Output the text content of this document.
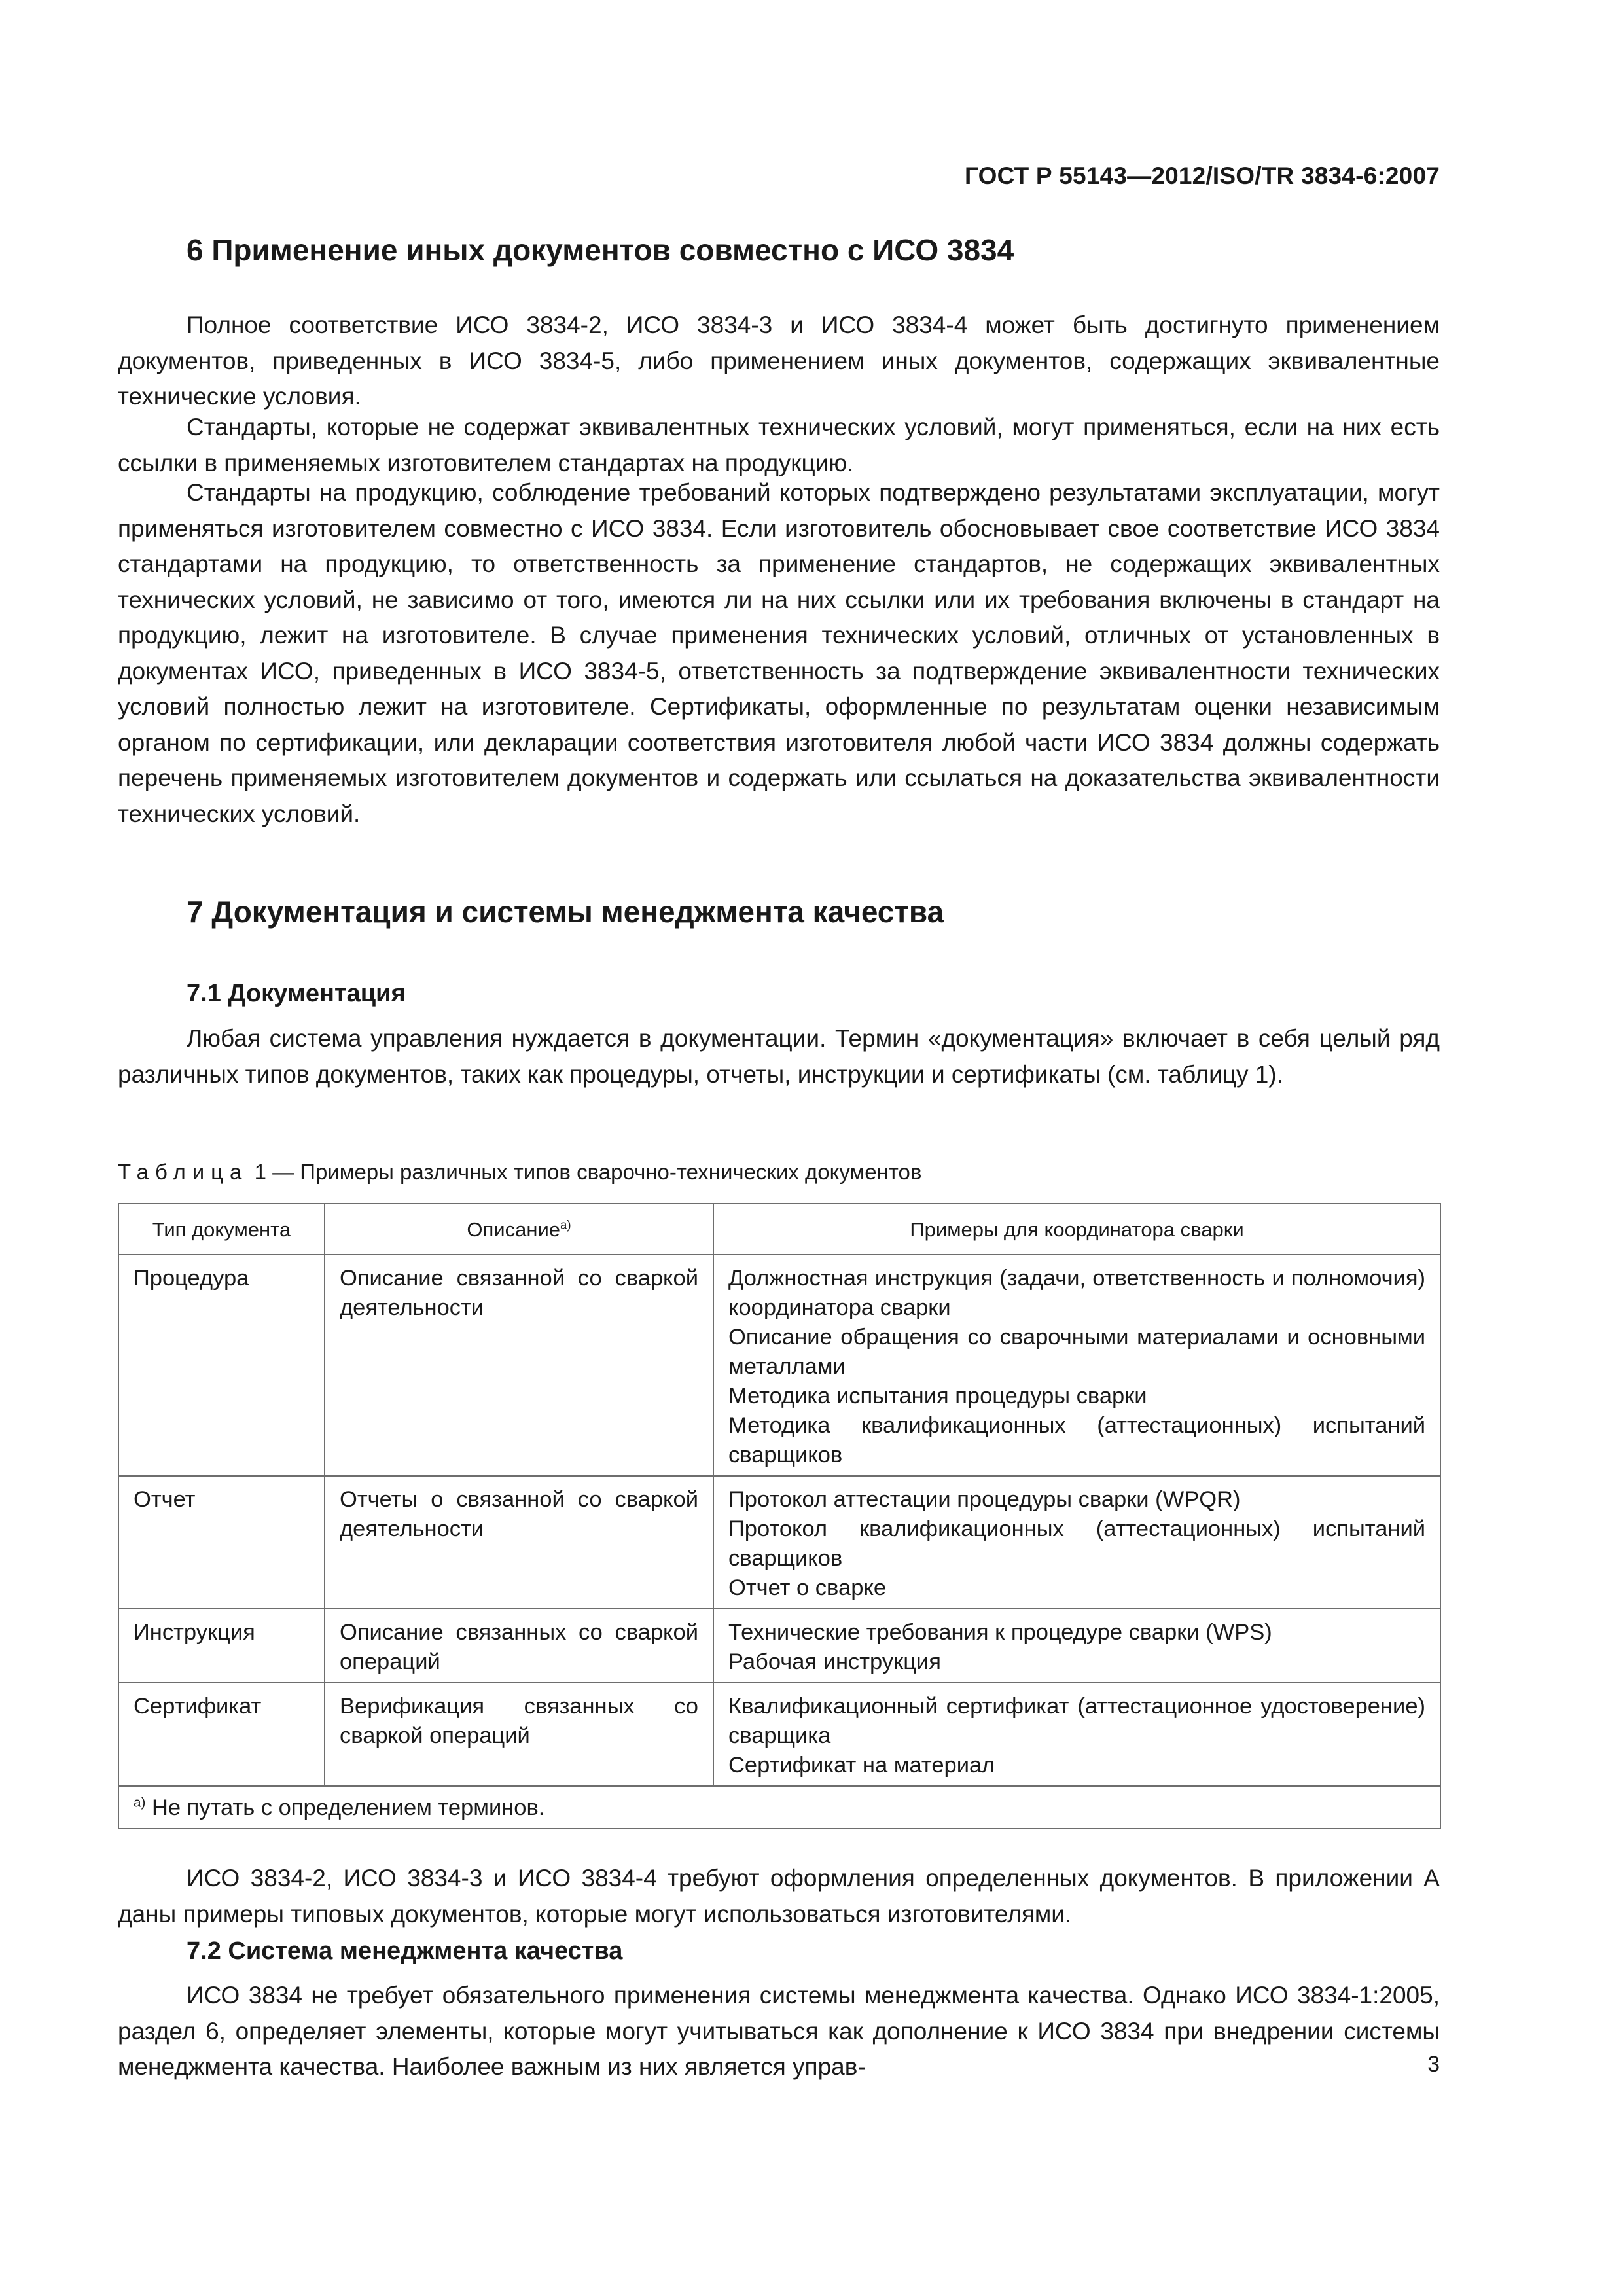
ГОСТ Р 55143—2012/ISO/TR 3834-6:2007
6 Применение иных документов совместно с ИСО 3834

Полное соответствие ИСО 3834-2, ИСО 3834-3 и ИСО 3834-4 может быть достигнуто применением документов, приведенных в ИСО 3834-5, либо применением иных документов, содержащих эквивалентные технические условия.

Стандарты, которые не содержат эквивалентных технических условий, могут применяться, если на них есть ссылки в применяемых изготовителем стандартах на продукцию.

Стандарты на продукцию, соблюдение требований которых подтверждено результатами эксплуатации, могут применяться изготовителем совместно с ИСО 3834. Если изготовитель обосновывает свое соответствие ИСО 3834 стандартами на продукцию, то ответственность за применение стандартов, не содержащих эквивалентных технических условий, не зависимо от того, имеются ли на них ссылки или их требования включены в стандарт на продукцию, лежит на изготовителе. В случае применения технических условий, отличных от установленных в документах ИСО, приведенных в ИСО 3834-5, ответственность за подтверждение эквивалентности технических условий полностью лежит на изготовителе. Сертификаты, оформленные по результатам оценки независимым органом по сертификации, или декларации соответствия изготовителя любой части ИСО 3834 должны содержать перечень применяемых изготовителем документов и содержать или ссылаться на доказательства эквивалентности технических условий.

7 Документация и системы менеджмента качества
7.1 Документация

Любая система управления нуждается в документации. Термин «документация» включает в себя целый ряд различных типов документов, таких как процедуры, отчеты, инструкции и сертификаты (см. таблицу 1).

Таблица 1 — Примеры различных типов сварочно-технических документов
Тип документа	Описание$^{а)}$	Примеры для координатора сварки
Процедура	Описание связанной со сваркой деятельности	Должностная инструкция (задачи, ответственность и полномочия) координатора сварки
Описание обращения со сварочными материалами и основными металлами
Методика испытания процедуры сварки
Методика квалификационных (аттестационных) испытаний сварщиков

Отчет	Отчеты о связанной со сваркой деятельности	Протокол аттестации процедуры сварки (WPQR)
Протокол квалификационных (аттестационных) испытаний сварщиков
Отчет о сварке

Инструкция	Описание связанных со сваркой операций	Технические требования к процедуре сварки (WPS)
Рабочая инструкция

Сертификат	Верификация связанных со сваркой операций	Квалификационный сертификат (аттестационное удостоверение) сварщика
Сертификат на материал

$^{а)}$ Не путать с определением терминов.		

ИСО 3834-2, ИСО 3834-3 и ИСО 3834-4 требуют оформления определенных документов. В приложении А даны примеры типовых документов, которые могут использоваться изготовителями.

7.2 Система менеджмента качества

ИСО 3834 не требует обязательного применения системы менеджмента качества. Однако ИСО 3834-1:2005, раздел 6, определяет элементы, которые могут учитываться как дополнение к ИСО 3834 при внедрении системы менеджмента качества. Наиболее важным из них является управ-	3
